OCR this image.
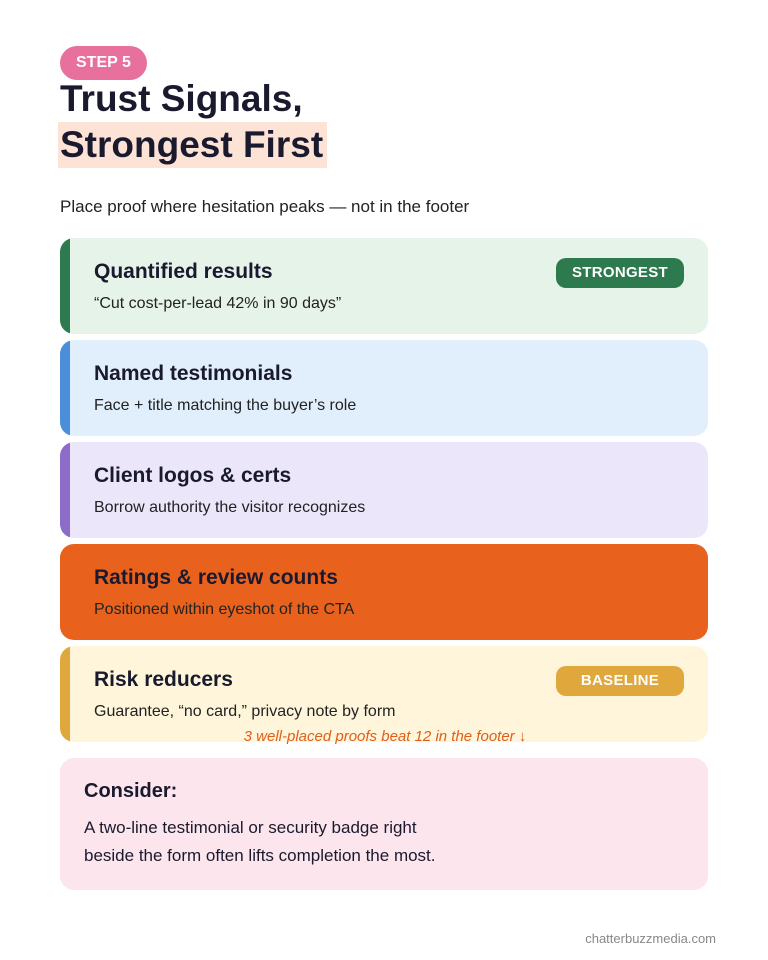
STEP 5
Trust Signals,
Strongest First

Place proof where hesitation peaks — not in the footer

Quantified results
“Cut cost-per-lead 42% in 90 days”
STRONGEST
Named testimonials
Face + title matching the buyer’s role
Client logos & certs
Borrow authority the visitor recognizes
Ratings & review counts
Positioned within eyeshot of the CTA
Risk reducers
Guarantee, “no card,” privacy note by form
BASELINE
3 well-placed proofs beat 12 in the footer ↓
Consider:
A two-line testimonial or security badge right
beside the form often lifts completion the most.
chatterbuzzmedia.com
